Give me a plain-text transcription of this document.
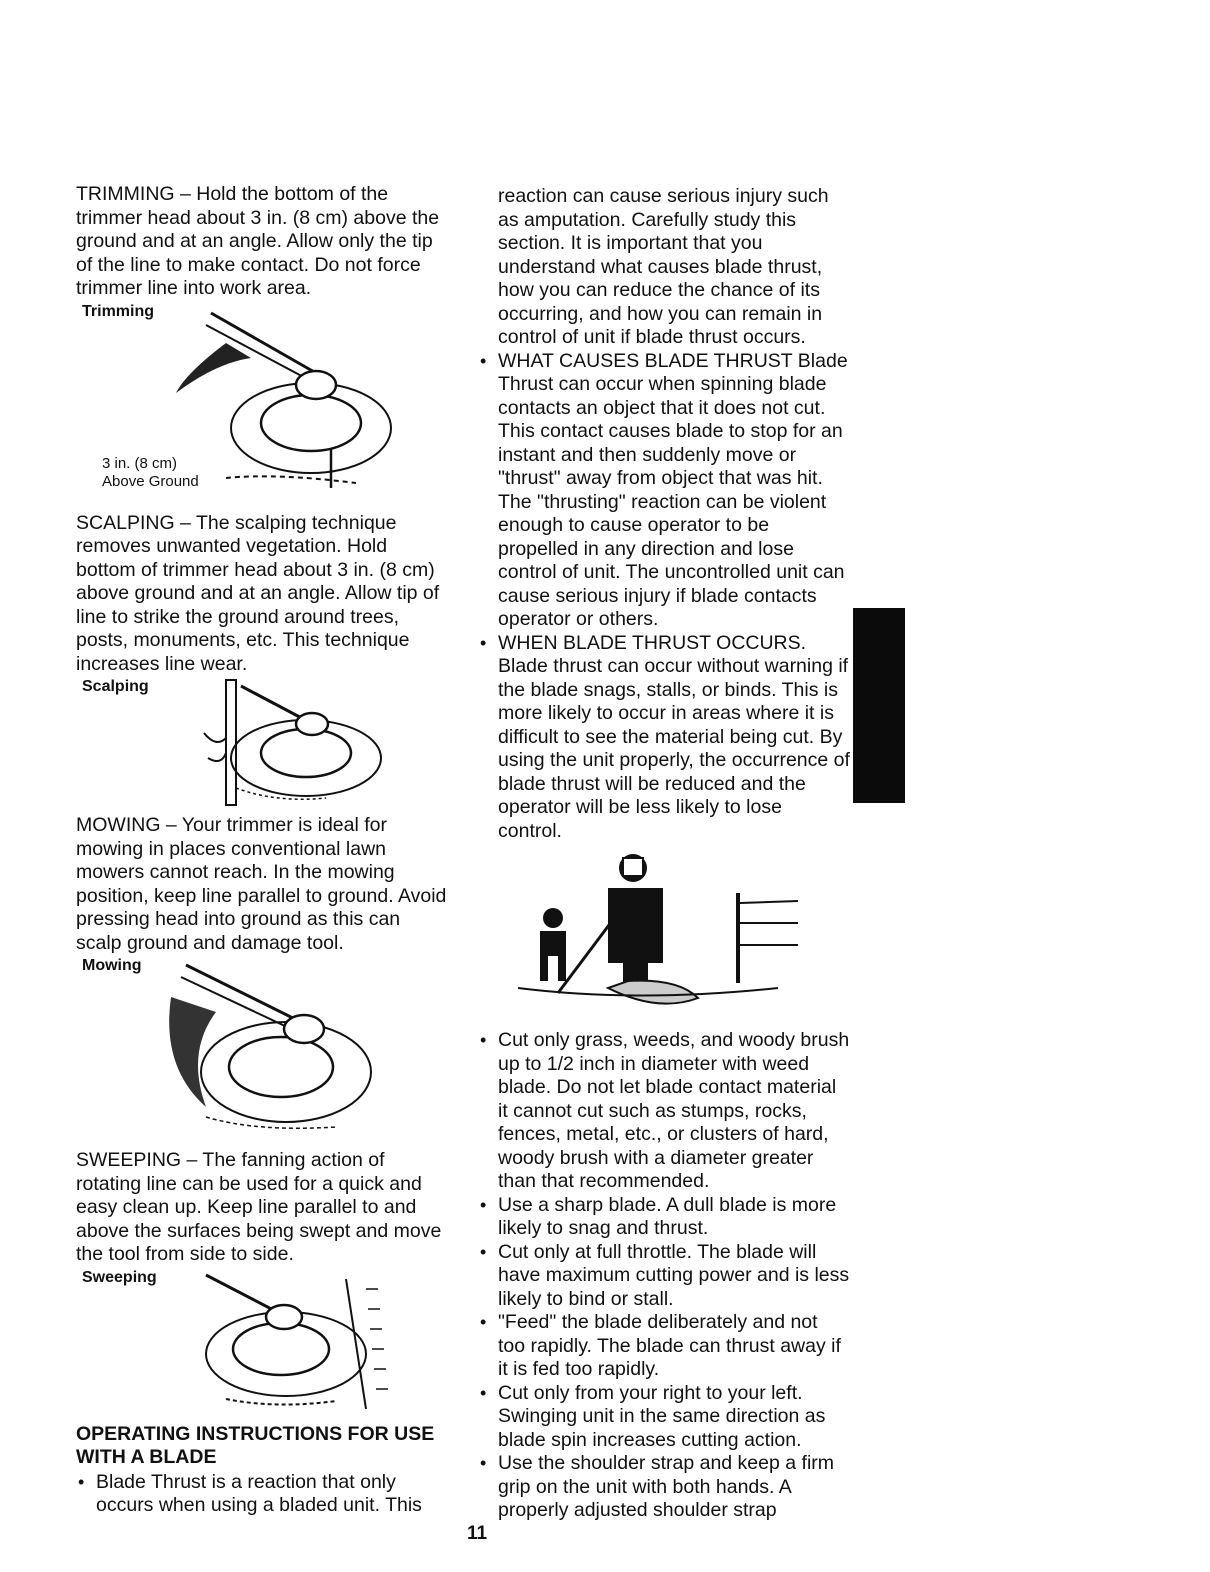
TRIMMING – Hold the bottom of the trimmer head about 3 in. (8 cm) above the ground and at an angle. Allow only the tip of the line to make contact. Do not force trimmer line into work area.

Trimming
3 in. (8 cm)
Above Ground

SCALPING – The scalping technique removes unwanted vegetation. Hold bottom of trimmer head about 3 in. (8 cm) above ground and at an angle. Allow tip of line to strike the ground around trees, posts, monuments, etc. This technique increases line wear.

Scalping

MOWING – Your trimmer is ideal for mowing in places conventional lawn mowers cannot reach. In the mowing position, keep line parallel to ground. Avoid pressing head into ground as this can scalp ground and damage tool.

Mowing

SWEEPING – The fanning action of rotating line can be used for a quick and easy clean up. Keep line parallel to and above the surfaces being swept and move the tool from side to side.

Sweeping
OPERATING INSTRUCTIONS FOR USE WITH A BLADE

• Blade Thrust is a reaction that only occurs when using a bladed unit. This

reaction can cause serious injury such as amputation. Carefully study this section. It is important that you understand what causes blade thrust, how you can reduce the chance of its occurring, and how you can remain in control of unit if blade thrust occurs.

• WHAT CAUSES BLADE THRUST Blade Thrust can occur when spinning blade contacts an object that it does not cut. This contact causes blade to stop for an instant and then suddenly move or "thrust" away from object that was hit. The "thrusting" reaction can be violent enough to cause operator to be propelled in any direction and lose control of unit. The uncontrolled unit can cause serious injury if blade contacts operator or others.

• WHEN BLADE THRUST OCCURS. Blade thrust can occur without warning if the blade snags, stalls, or binds. This is more likely to occur in areas where it is difficult to see the material being cut. By using the unit properly, the occurrence of blade thrust will be reduced and the operator will be less likely to lose control.

• Cut only grass, weeds, and woody brush up to 1/2 inch in diameter with weed blade. Do not let blade contact material it cannot cut such as stumps, rocks, fences, metal, etc., or clusters of hard, woody brush with a diameter greater than that recommended.

• Use a sharp blade. A dull blade is more likely to snag and thrust.

• Cut only at full throttle. The blade will have maximum cutting power and is less likely to bind or stall.

• "Feed" the blade deliberately and not too rapidly. The blade can thrust away if it is fed too rapidly.

• Cut only from your right to your left. Swinging unit in the same direction as blade spin increases cutting action.

• Use the shoulder strap and keep a firm grip on the unit with both hands. A properly adjusted shoulder strap

11
